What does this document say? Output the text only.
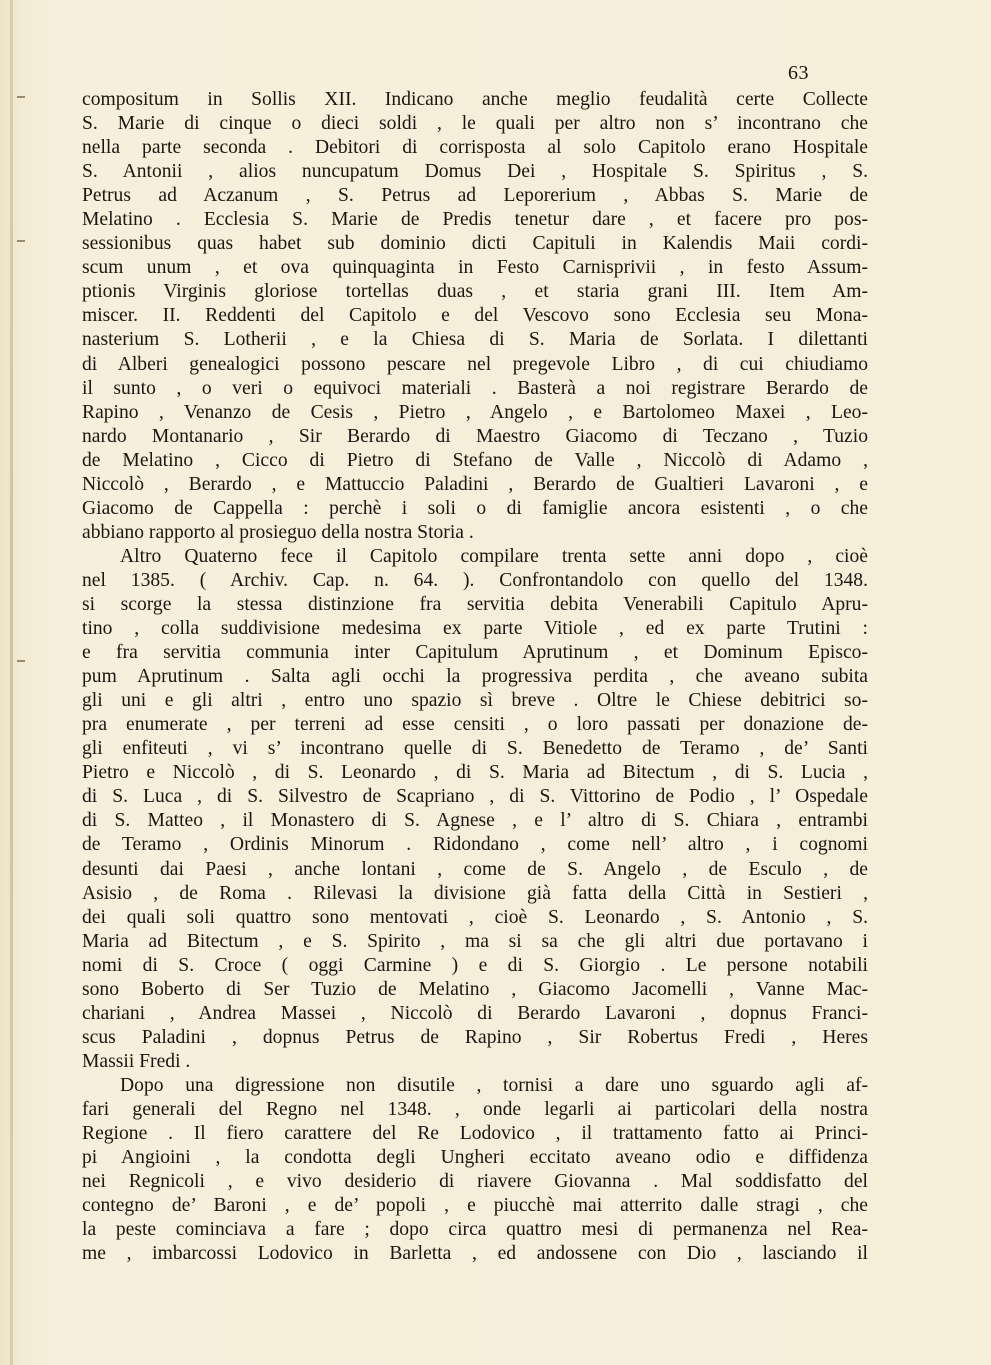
63
compositum in Sollis XII. Indicano anche meglio feudalità certe Collecte
S. Marie di cinque o dieci soldi , le quali per altro non s’ incontrano che
nella parte seconda . Debitori di corrisposta al solo Capitolo erano Hospitale
S. Antonii , alios nuncupatum Domus Dei , Hospitale S. Spiritus , S.
Petrus ad Aczanum , S. Petrus ad Leporerium , Abbas S. Marie de
Melatino . Ecclesia S. Marie de Predis tenetur dare , et facere pro pos-
sessionibus quas habet sub dominio dicti Capituli in Kalendis Maii cordi-
scum unum , et ova quinquaginta in Festo Carnisprivii , in festo Assum-
ptionis Virginis gloriose tortellas duas , et staria grani III. Item Am-
miscer. II. Reddenti del Capitolo e del Vescovo sono Ecclesia seu Mona-
nasterium S. Lotherii , e la Chiesa di S. Maria de Sorlata. I dilettanti
di Alberi genealogici possono pescare nel pregevole Libro , di cui chiudiamo
il sunto , o veri o equivoci materiali . Basterà a noi registrare Berardo de
Rapino , Venanzo de Cesis , Pietro , Angelo , e Bartolomeo Maxei , Leo-
nardo Montanario , Sir Berardo di Maestro Giacomo di Teczano , Tuzio
de Melatino , Cicco di Pietro di Stefano de Valle , Niccolò di Adamo ,
Niccolò , Berardo , e Mattuccio Paladini , Berardo de Gualtieri Lavaroni , e
Giacomo de Cappella : perchè i soli o di famiglie ancora esistenti , o che
abbiano rapporto al prosieguo della nostra Storia .
Altro Quaterno fece il Capitolo compilare trenta sette anni dopo , cioè
nel 1385. ( Archiv. Cap. n. 64. ). Confrontandolo con quello del 1348.
si scorge la stessa distinzione fra servitia debita Venerabili Capitulo Apru-
tino , colla suddivisione medesima ex parte Vitiole , ed ex parte Trutini :
e fra servitia communia inter Capitulum Aprutinum , et Dominum Episco-
pum Aprutinum . Salta agli occhi la progressiva perdita , che aveano subita
gli uni e gli altri , entro uno spazio sì breve . Oltre le Chiese debitrici so-
pra enumerate , per terreni ad esse censiti , o loro passati per donazione de-
gli enfiteuti , vi s’ incontrano quelle di S. Benedetto de Teramo , de’ Santi
Pietro e Niccolò , di S. Leonardo , di S. Maria ad Bitectum , di S. Lucia ,
di S. Luca , di S. Silvestro de Scapriano , di S. Vittorino de Podio , l’ Ospedale
di S. Matteo , il Monastero di S. Agnese , e l’ altro di S. Chiara , entrambi
de Teramo , Ordinis Minorum . Ridondano , come nell’ altro , i cognomi
desunti dai Paesi , anche lontani , come de S. Angelo , de Esculo , de
Asisio , de Roma . Rilevasi la divisione già fatta della Città in Sestieri ,
dei quali soli quattro sono mentovati , cioè S. Leonardo , S. Antonio , S.
Maria ad Bitectum , e S. Spirito , ma si sa che gli altri due portavano i
nomi di S. Croce ( oggi Carmine ) e di S. Giorgio . Le persone notabili
sono Boberto di Ser Tuzio de Melatino , Giacomo Jacomelli , Vanne Mac-
chariani , Andrea Massei , Niccolò di Berardo Lavaroni , dopnus Franci-
scus Paladini , dopnus Petrus de Rapino , Sir Robertus Fredi , Heres
Massii Fredi .
Dopo una digressione non disutile , tornisi a dare uno sguardo agli af-
fari generali del Regno nel 1348. , onde legarli ai particolari della nostra
Regione . Il fiero carattere del Re Lodovico , il trattamento fatto ai Princi-
pi Angioini , la condotta degli Ungheri eccitato aveano odio e diffidenza
nei Regnicoli , e vivo desiderio di riavere Giovanna . Mal soddisfatto del
contegno de’ Baroni , e de’ popoli , e piucchè mai atterrito dalle stragi , che
la peste cominciava a fare ; dopo circa quattro mesi di permanenza nel Rea-
me , imbarcossi Lodovico in Barletta , ed andossene con Dio , lasciando il
